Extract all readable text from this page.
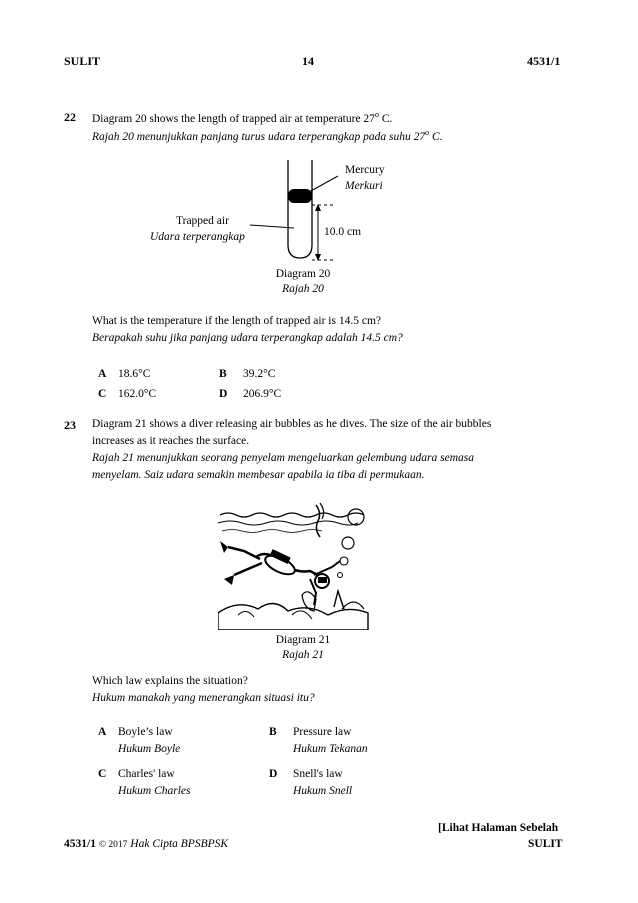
SULIT	14	4531/1
22 Diagram 20 shows the length of trapped air at temperature 27$^o$ C.
Rajah 20 menunjukkan panjang turus udara terperangkap pada suhu 27$^o$ C.
Mercury
Merkuri
Trapped air
Udara terperangkap	10.0 cm
Diagram 20
Rajah 20
What is the temperature if the length of trapped air is 14.5 cm?
Berapakah suhu jika panjang udara terperangkap adalah 14.5 cm?
A 18.6°C	B 39.2°C
C 162.0°C	D 206.9°C
23 Diagram 21 shows a diver releasing air bubbles as he dives. The size of the air bubbles
increases as it reaches the surface.
Rajah 21 menunjukkan seorang penyelam mengeluarkan gelembung udara semasa
menyelam. Saiz udara semakin membesar apabila ia tiba di permukaan.
Diagram 21
Rajah 21
Which law explains the situation?
Hukum manakah yang menerangkan situasi itu?
A Boyle’s law
Hukum Boyle
B Pressure law
Hukum Tekanan
C Charles' law
Hukum Charles
D Snell's law
Hukum Snell
[Lihat Halaman Sebelah
4531/1 © 2017 Hak Cipta BPSBPSK	SULIT
